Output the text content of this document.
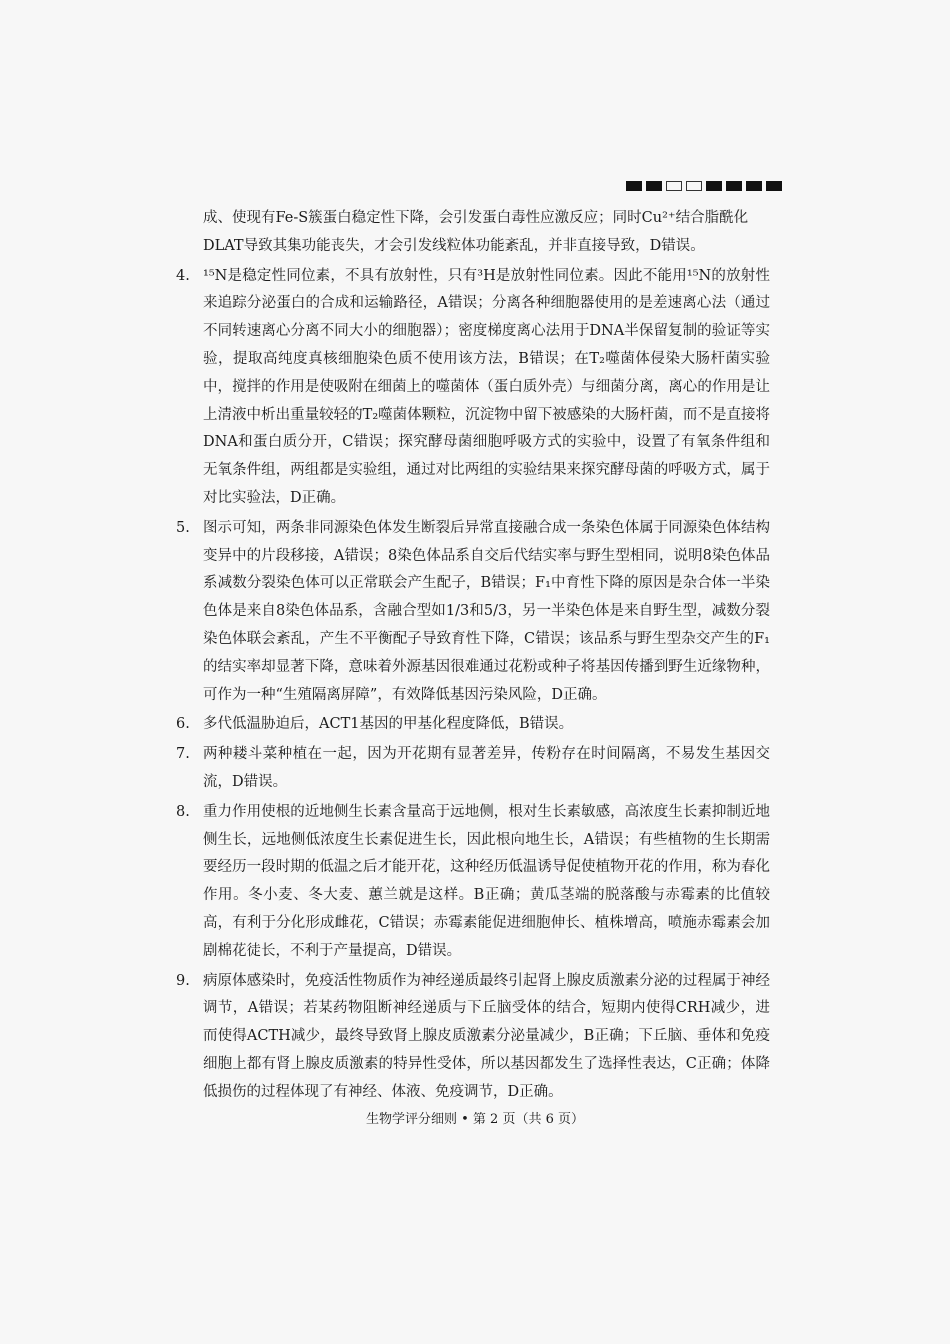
成、使现有Fe-S簇蛋白稳定性下降，会引发蛋白毒性应激反应；同时Cu²⁺结合脂酰化DLAT导致其集功能丧失，才会引发线粒体功能紊乱，并非直接导致，D错误。

4. ¹⁵N是稳定性同位素，不具有放射性，只有³H是放射性同位素。因此不能用¹⁵N的放射性来追踪分泌蛋白的合成和运输路径，A错误；分离各种细胞器使用的是差速离心法（通过不同转速离心分离不同大小的细胞器）；密度梯度离心法用于DNA半保留复制的验证等实验，提取高纯度真核细胞染色质不使用该方法，B错误；在T₂噬菌体侵染大肠杆菌实验中，搅拌的作用是使吸附在细菌上的噬菌体（蛋白质外壳）与细菌分离，离心的作用是让上清液中析出重量较轻的T₂噬菌体颗粒，沉淀物中留下被感染的大肠杆菌，而不是直接将DNA和蛋白质分开，C错误；探究酵母菌细胞呼吸方式的实验中，设置了有氧条件组和无氧条件组，两组都是实验组，通过对比两组的实验结果来探究酵母菌的呼吸方式，属于对比实验法，D正确。
5. 图示可知，两条非同源染色体发生断裂后异常直接融合成一条染色体属于同源染色体结构变异中的片段移接，A错误；8染色体品系自交后代结实率与野生型相同，说明8染色体品系减数分裂染色体可以正常联会产生配子，B错误；F₁中育性下降的原因是杂合体一半染色体是来自8染色体品系，含融合型如1/3和5/3，另一半染色体是来自野生型，减数分裂染色体联会紊乱，产生不平衡配子导致育性下降，C错误；该品系与野生型杂交产生的F₁的结实率却显著下降，意味着外源基因很难通过花粉或种子将基因传播到野生近缘物种，可作为一种“生殖隔离屏障”，有效降低基因污染风险，D正确。
6. 多代低温胁迫后，ACT1基因的甲基化程度降低，B错误。
7. 两种耧斗菜种植在一起，因为开花期有显著差异，传粉存在时间隔离，不易发生基因交流，D错误。
8. 重力作用使根的近地侧生长素含量高于远地侧，根对生长素敏感，高浓度生长素抑制近地侧生长，远地侧低浓度生长素促进生长，因此根向地生长，A错误；有些植物的生长期需要经历一段时期的低温之后才能开花，这种经历低温诱导促使植物开花的作用，称为春化作用。冬小麦、冬大麦、蕙兰就是这样。B正确；黄瓜茎端的脱落酸与赤霉素的比值较高，有利于分化形成雌花，C错误；赤霉素能促进细胞伸长、植株增高，喷施赤霉素会加剧棉花徒长，不利于产量提高，D错误。
9. 病原体感染时，免疫活性物质作为神经递质最终引起肾上腺皮质激素分泌的过程属于神经调节，A错误；若某药物阻断神经递质与下丘脑受体的结合，短期内使得CRH减少，进而使得ACTH减少，最终导致肾上腺皮质激素分泌量减少，B正确；下丘脑、垂体和免疫细胞上都有肾上腺皮质激素的特异性受体，所以基因都发生了选择性表达，C正确；体降低损伤的过程体现了有神经、体液、免疫调节，D正确。
生物学评分细则 • 第 2 页（共 6 页）
